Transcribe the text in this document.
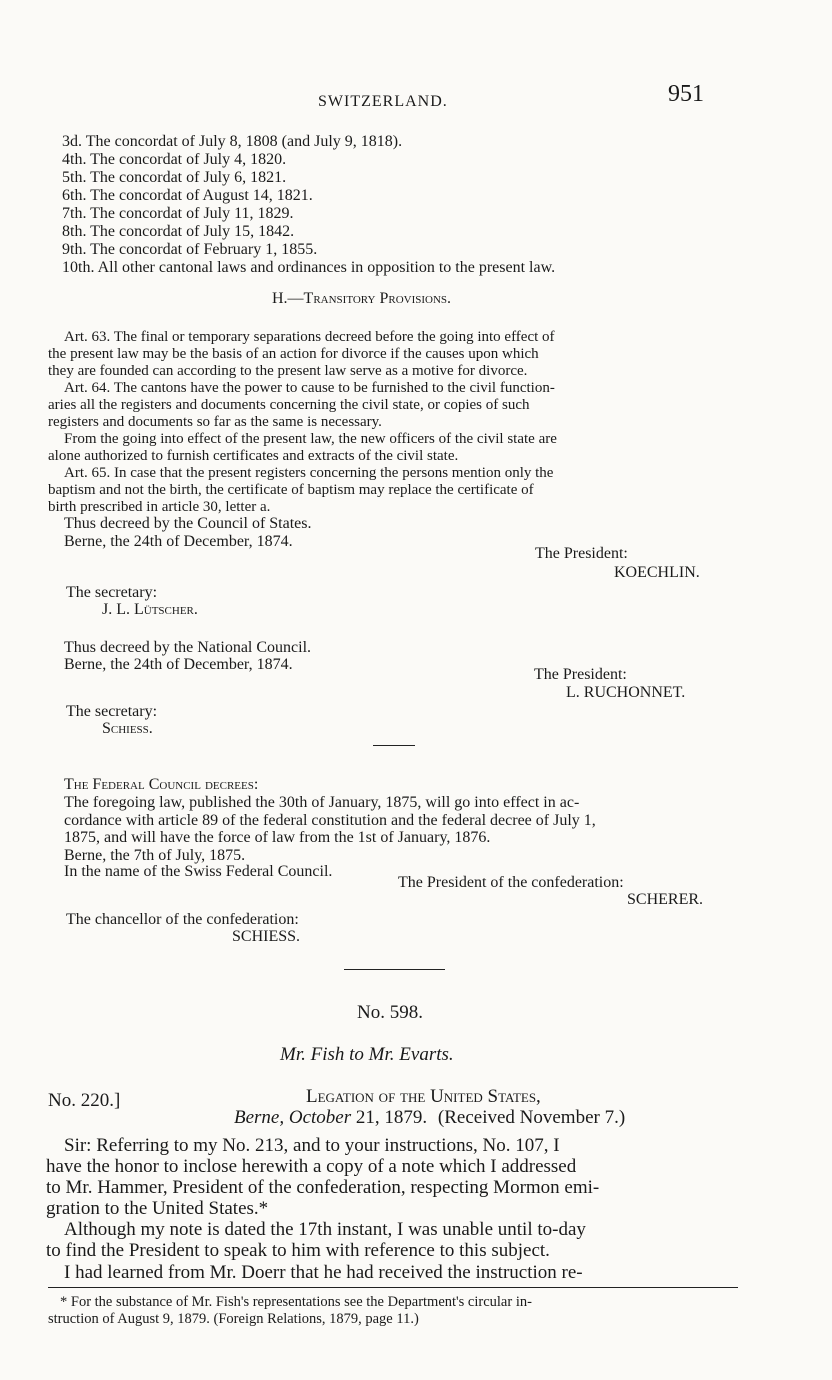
SWITZERLAND.	951
3d. The concordat of July 8, 1808 (and July 9, 1818).
4th. The concordat of July 4, 1820.
5th. The concordat of July 6, 1821.
6th. The concordat of August 14, 1821.
7th. The concordat of July 11, 1829.
8th. The concordat of July 15, 1842.
9th. The concordat of February 1, 1855.
10th. All other cantonal laws and ordinances in opposition to the present law.
H.—Transitory Provisions.
Art. 63. The final or temporary separations decreed before the going into effect of
the present law may be the basis of an action for divorce if the causes upon which
they are founded can according to the present law serve as a motive for divorce.
Art. 64. The cantons have the power to cause to be furnished to the civil function-
aries all the registers and documents concerning the civil state, or copies of such
registers and documents so far as the same is necessary.
From the going into effect of the present law, the new officers of the civil state are
alone authorized to furnish certificates and extracts of the civil state.
Art. 65. In case that the present registers concerning the persons mention only the
baptism and not the birth, the certificate of baptism may replace the certificate of
birth prescribed in article 30, letter a.
Thus decreed by the Council of States.
Berne, the 24th of December, 1874.
The President:
KOECHLIN.
The secretary:
J. L. Lütscher.
Thus decreed by the National Council.
Berne, the 24th of December, 1874.
The President:
L. RUCHONNET.
The secretary:
Schiess.
The Federal Council decrees:
The foregoing law, published the 30th of January, 1875, will go into effect in ac-
cordance with article 89 of the federal constitution and the federal decree of July 1,
1875, and will have the force of law from the 1st of January, 1876.
Berne, the 7th of July, 1875.
In the name of the Swiss Federal Council.
The President of the confederation:
SCHERER.
The chancellor of the confederation:
SCHIESS.
No. 598.
Mr. Fish to Mr. Evarts.
No. 220.]	Legation of the United States,
Berne, October 21, 1879. (Received November 7.)
Sir: Referring to my No. 213, and to your instructions, No. 107, I
have the honor to inclose herewith a copy of a note which I addressed
to Mr. Hammer, President of the confederation, respecting Mormon emi-
gration to the United States.*
Although my note is dated the 17th instant, I was unable until to-day
to find the President to speak to him with reference to this subject.
I had learned from Mr. Doerr that he had received the instruction re-
* For the substance of Mr. Fish's representations see the Department's circular in-
struction of August 9, 1879. (Foreign Relations, 1879, page 11.)
